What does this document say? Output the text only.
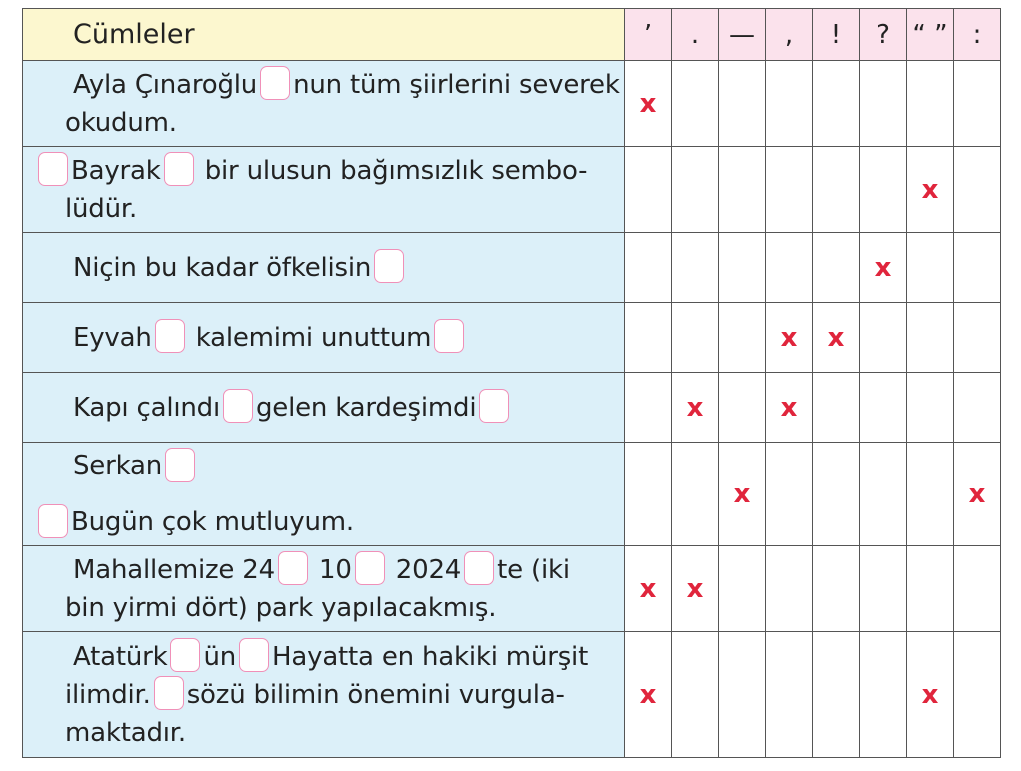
Cümleler	’	.	—	,	!	?	“ ”	:

Ayla Çınaroğlu nun tüm şiirlerini severek
okudum.	x							

Bayrak bir ulusun bağımsızlık sembo-
lüdür.							x	

Niçin bu kadar öfkelisin						x		

Eyvah kalemimi unuttum				x	x			

Kapı çalındı gelen kardeşimdi		x		x				

Serkan
Bugün çok mutluyum.			x					x

Mahallemize 24 10 2024 te (iki
bin yirmi dört) park yapılacakmış.	x	x						

Atatürk ün Hayatta en hakiki mürşit
ilimdir. sözü bilimin önemini vurgula-
maktadır.	x						x	
